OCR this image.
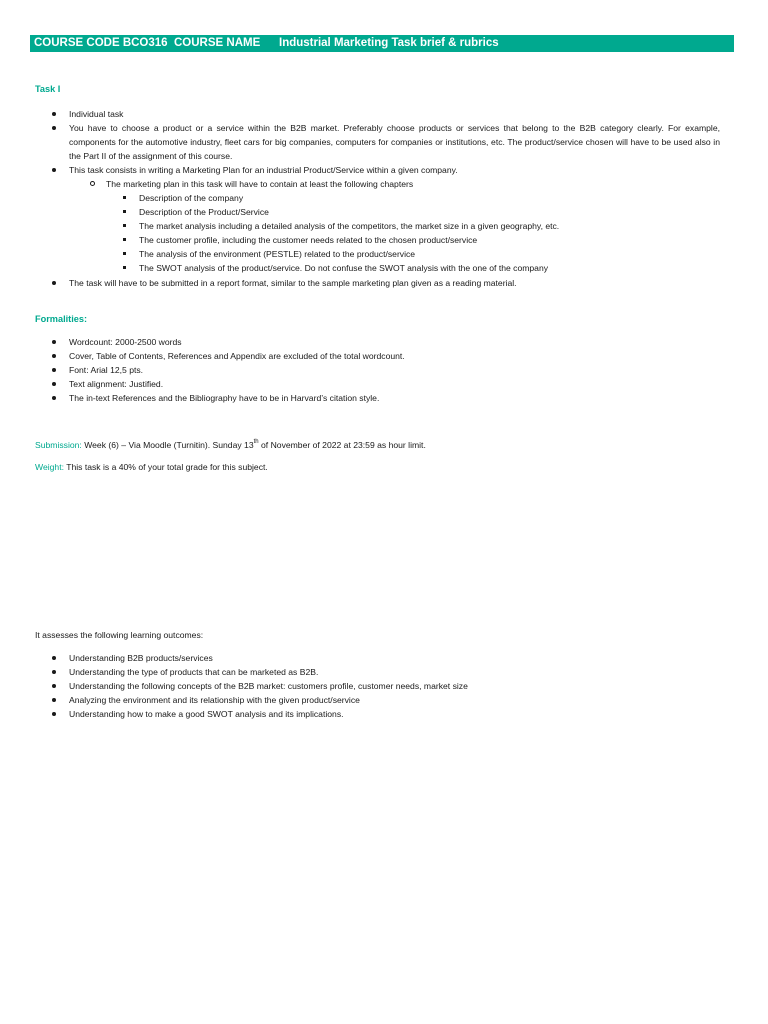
COURSE CODE BCO316 COURSE NAME Industrial Marketing Task brief & rubrics
Task I
Individual task
You have to choose a product or a service within the B2B market. Preferably choose products or services that belong to the B2B category clearly. For example, components for the automotive industry, fleet cars for big companies, computers for companies or institutions, etc. The product/service chosen will have to be used also in the Part II of the assignment of this course.
This task consists in writing a Marketing Plan for an industrial Product/Service within a given company.
The marketing plan in this task will have to contain at least the following chapters
Description of the company
Description of the Product/Service
The market analysis including a detailed analysis of the competitors, the market size in a given geography, etc.
The customer profile, including the customer needs related to the chosen product/service
The analysis of the environment (PESTLE) related to the product/service
The SWOT analysis of the product/service. Do not confuse the SWOT analysis with the one of the company
The task will have to be submitted in a report format, similar to the sample marketing plan given as a reading material.
Formalities:
Wordcount: 2000-2500 words
Cover, Table of Contents, References and Appendix are excluded of the total wordcount.
Font: Arial 12,5 pts.
Text alignment: Justified.
The in-text References and the Bibliography have to be in Harvard’s citation style.
Submission: Week (6) – Via Moodle (Turnitin). Sunday 13th of November of 2022 at 23:59 as hour limit.
Weight: This task is a 40% of your total grade for this subject.
It assesses the following learning outcomes:
Understanding B2B products/services
Understanding the type of products that can be marketed as B2B.
Understanding the following concepts of the B2B market: customers profile, customer needs, market size
Analyzing the environment and its relationship with the given product/service
Understanding how to make a good SWOT analysis and its implications.
